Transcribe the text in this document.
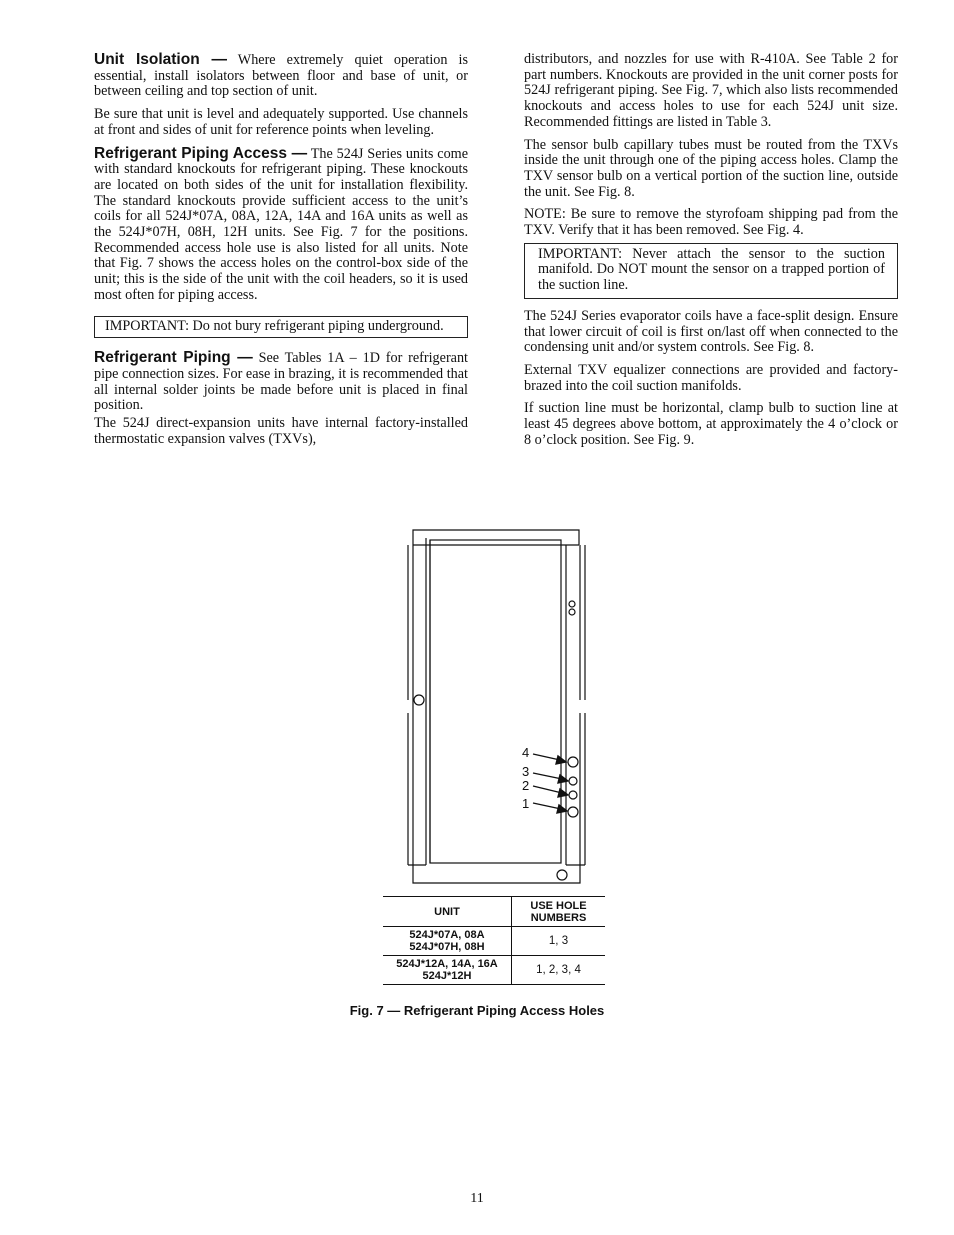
Unit Isolation — Where extremely quiet operation is essential, install isolators between floor and base of unit, or between ceiling and top section of unit.

Be sure that unit is level and adequately supported. Use channels at front and sides of unit for reference points when leveling.

Refrigerant Piping Access — The 524J Series units come with standard knockouts for refrigerant piping. These knockouts are located on both sides of the unit for installation flexibility. The standard knockouts provide sufficient access to the unit’s coils for all 524J*07A, 08A, 12A, 14A and 16A units as well as the 524J*07H, 08H, 12H units. See Fig. 7 for the positions. Recommended access hole use is also listed for all units. Note that Fig. 7 shows the access holes on the control-box side of the unit; this is the side of the unit with the coil headers, so it is used most often for piping access.

IMPORTANT: Do not bury refrigerant piping underground.

Refrigerant Piping — See Tables 1A – 1D for refrigerant pipe connection sizes. For ease in brazing, it is recommended that all internal solder joints be made before unit is placed in final position.

The 524J direct-expansion units have internal factory-installed thermostatic expansion valves (TXVs),

distributors, and nozzles for use with R-410A. See Table 2 for part numbers. Knockouts are provided in the unit corner posts for 524J refrigerant piping. See Fig. 7, which also lists recommended knockouts and access holes to use for each 524J unit size. Recommended fittings are listed in Table 3.

The sensor bulb capillary tubes must be routed from the TXVs inside the unit through one of the piping access holes. Clamp the TXV sensor bulb on a vertical portion of the suction line, outside the unit. See Fig. 8.

NOTE: Be sure to remove the styrofoam shipping pad from the TXV. Verify that it has been removed. See Fig. 4.

IMPORTANT: Never attach the sensor to the suction manifold. Do NOT mount the sensor on a trapped portion of the suction line.

The 524J Series evaporator coils have a face-split design. Ensure that lower circuit of coil is first on/last off when connected to the condensing unit and/or system controls. See Fig. 8.

External TXV equalizer connections are provided and factory-brazed into the coil suction manifolds.

If suction line must be horizontal, clamp bulb to suction line at least 45 degrees above bottom, at approximately the 4 o’clock or 8 o’clock position. See Fig. 9.

4
3
2
1
UNIT	USE HOLE NUMBERS

524J*07A, 08A
524J*07H, 08H	1, 3

524J*12A, 14A, 16A
524J*12H	1, 2, 3, 4
Fig. 7 — Refrigerant Piping Access Holes
11
